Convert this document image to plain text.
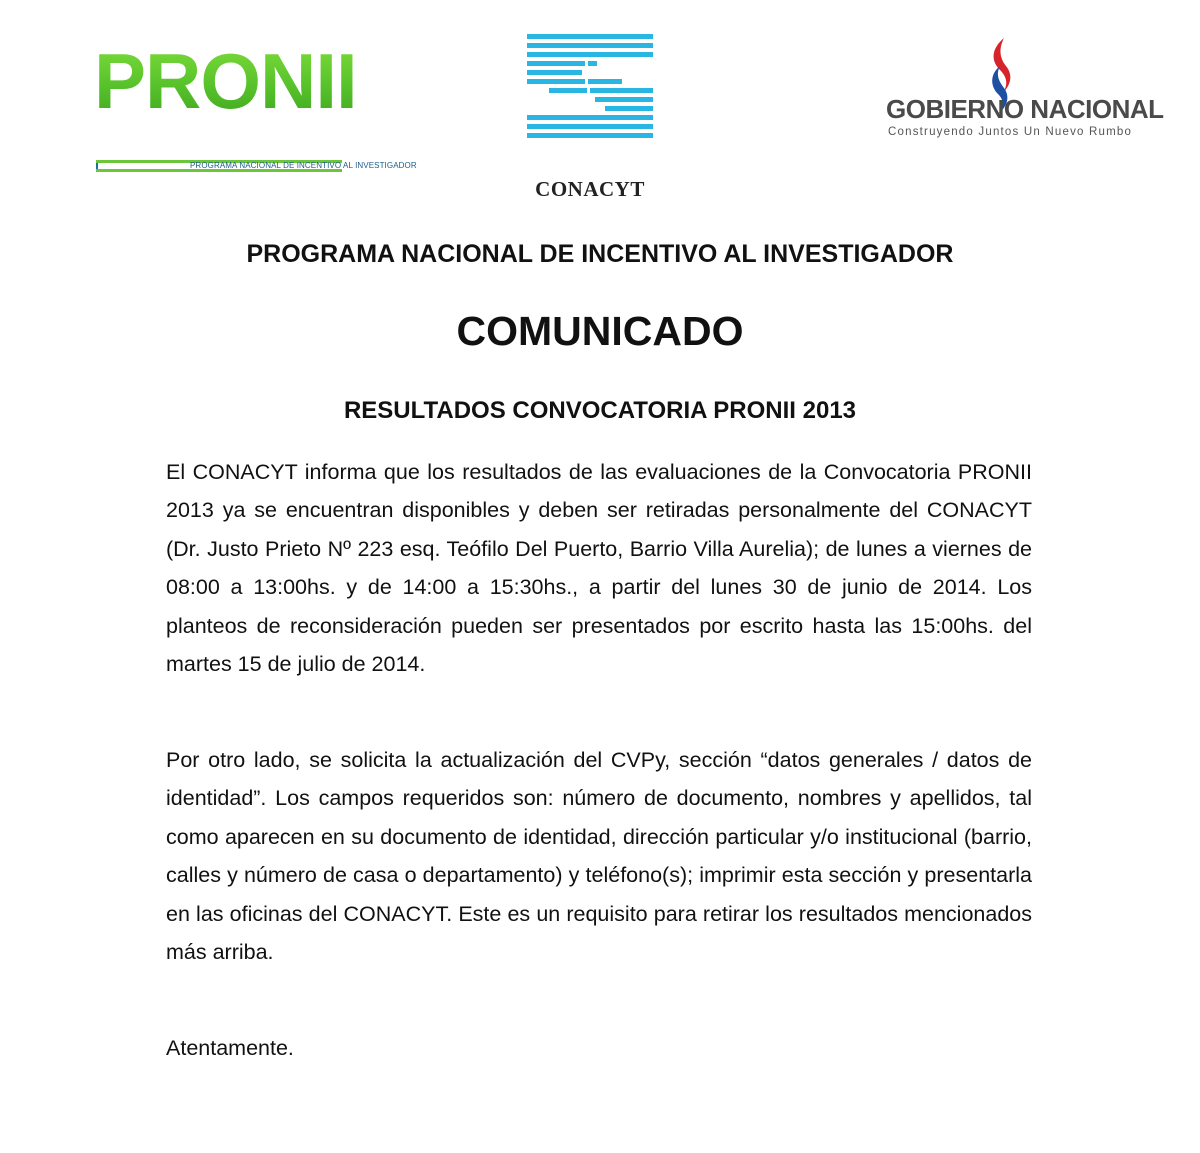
PRONII
PROGRAMA NACIONAL DE INCENTIVO AL INVESTIGADOR
CONACYT
GOBIERNO NACIONAL
Construyendo Juntos Un Nuevo Rumbo
PROGRAMA NACIONAL DE INCENTIVO AL INVESTIGADOR
COMUNICADO
RESULTADOS CONVOCATORIA PRONII 2013

El CONACYT informa que los resultados de las evaluaciones de la Convocatoria PRONII 2013 ya se encuentran disponibles y deben ser retiradas personalmente del CONACYT (Dr. Justo Prieto Nº 223 esq. Teófilo Del Puerto, Barrio Villa Aurelia); de lunes a viernes de 08:00 a 13:00hs. y de 14:00 a 15:30hs., a partir del lunes 30 de junio de 2014. Los planteos de reconsideración pueden ser presentados por escrito hasta las 15:00hs. del martes 15 de julio de 2014.

Por otro lado, se solicita la actualización del CVPy, sección “datos generales / datos de identidad”. Los campos requeridos son: número de documento, nombres y apellidos, tal como aparecen en su documento de identidad, dirección particular y/o institucional (barrio, calles y número de casa o departamento) y teléfono(s); imprimir esta sección y presentarla en las oficinas del CONACYT. Este es un requisito para retirar los resultados mencionados más arriba.

Atentamente.
